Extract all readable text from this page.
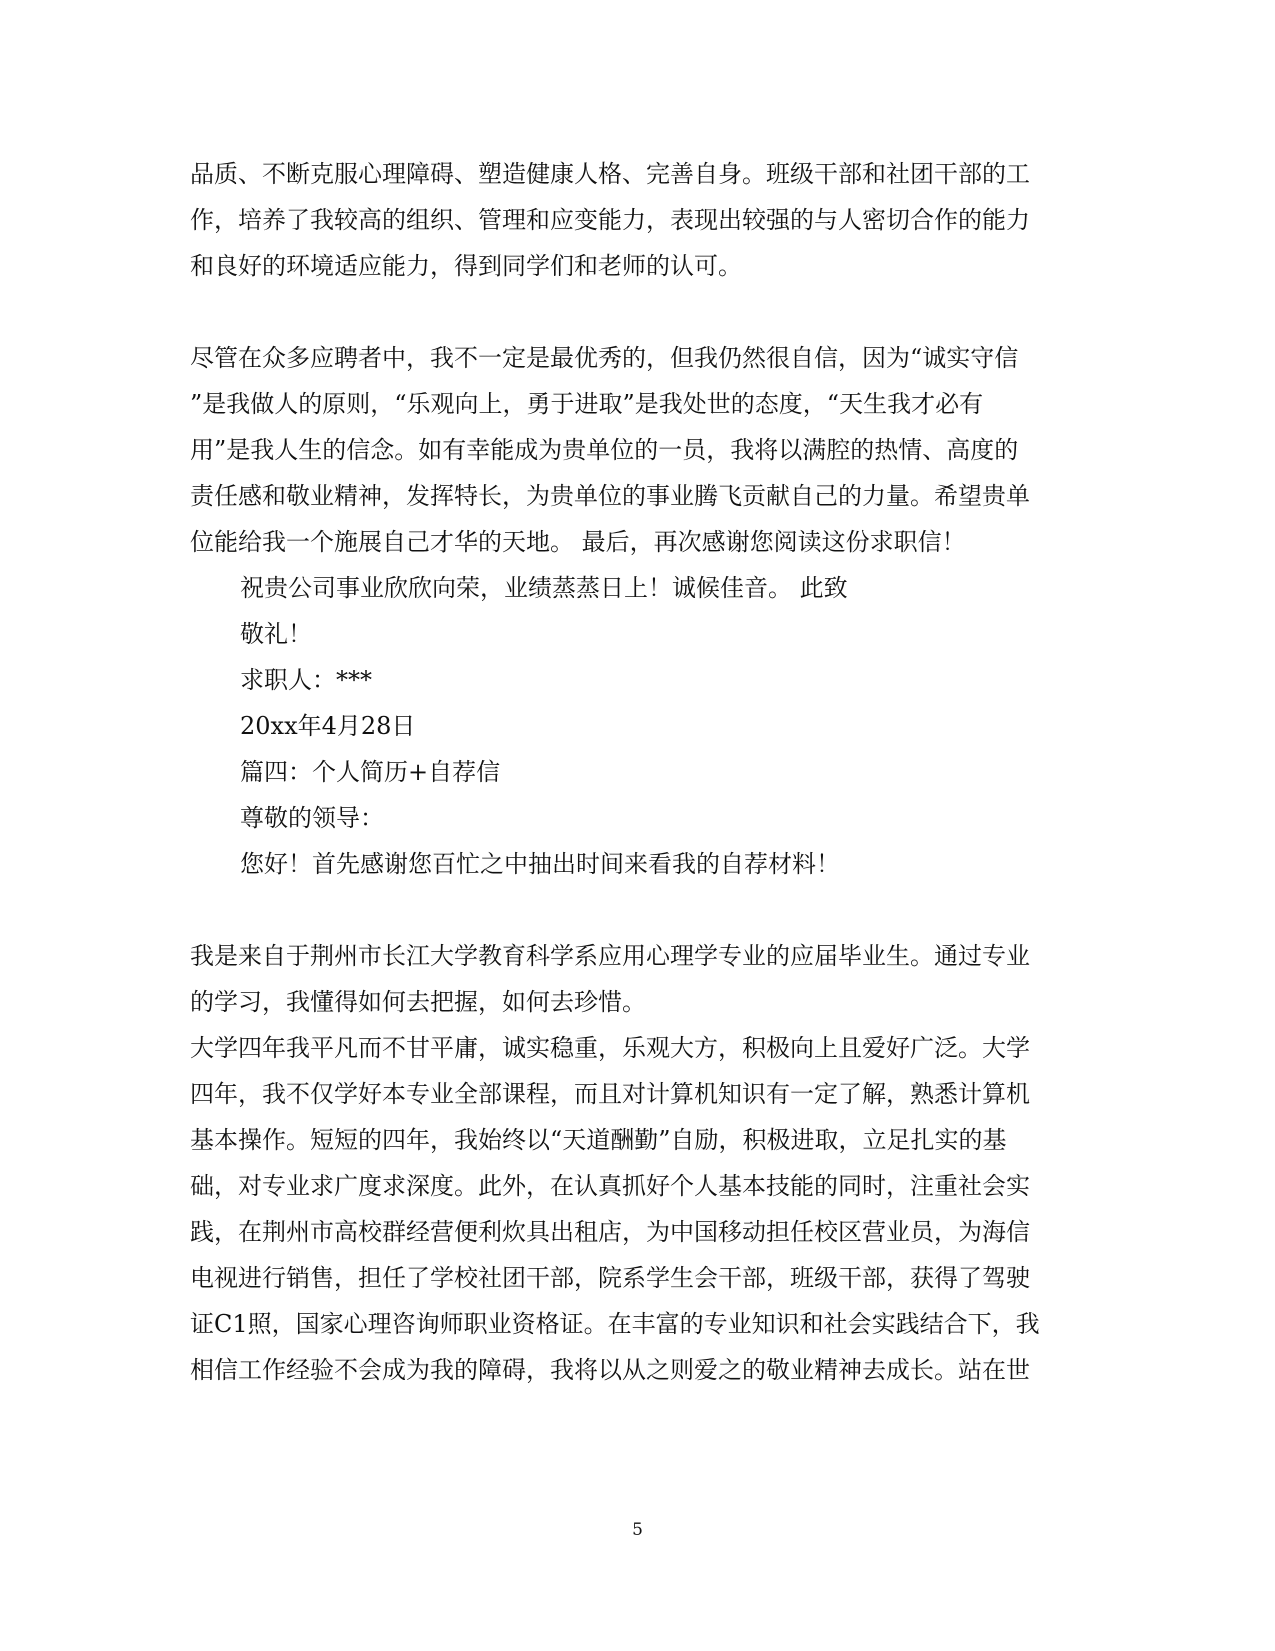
品质、不断克服心理障碍、塑造健康人格、完善自身。班级干部和社团干部的工
作，培养了我较高的组织、管理和应变能力，表现出较强的与人密切合作的能力
和良好的环境适应能力，得到同学们和老师的认可。
尽管在众多应聘者中，我不一定是最优秀的，但我仍然很自信，因为“诚实守信
”是我做人的原则，“乐观向上，勇于进取”是我处世的态度，“天生我才必有
用”是我人生的信念。如有幸能成为贵单位的一员，我将以满腔的热情、高度的
责任感和敬业精神，发挥特长，为贵单位的事业腾飞贡献自己的力量。希望贵单
位能给我一个施展自己才华的天地。 最后，再次感谢您阅读这份求职信！
祝贵公司事业欣欣向荣，业绩蒸蒸日上！诚候佳音。 此致
敬礼！
求职人：***
20xx年4月28日
篇四：个人简历+自荐信
尊敬的领导：
您好！首先感谢您百忙之中抽出时间来看我的自荐材料！
我是来自于荆州市长江大学教育科学系应用心理学专业的应届毕业生。通过专业
的学习，我懂得如何去把握，如何去珍惜。
大学四年我平凡而不甘平庸，诚实稳重，乐观大方，积极向上且爱好广泛。大学
四年，我不仅学好本专业全部课程，而且对计算机知识有一定了解，熟悉计算机
基本操作。短短的四年，我始终以“天道酬勤”自励，积极进取，立足扎实的基
础，对专业求广度求深度。此外，在认真抓好个人基本技能的同时，注重社会实
践，在荆州市高校群经营便利炊具出租店，为中国移动担任校区营业员，为海信
电视进行销售，担任了学校社团干部，院系学生会干部，班级干部，获得了驾驶
证C1照，国家心理咨询师职业资格证。在丰富的专业知识和社会实践结合下，我
相信工作经验不会成为我的障碍，我将以从之则爱之的敬业精神去成长。站在世
5
